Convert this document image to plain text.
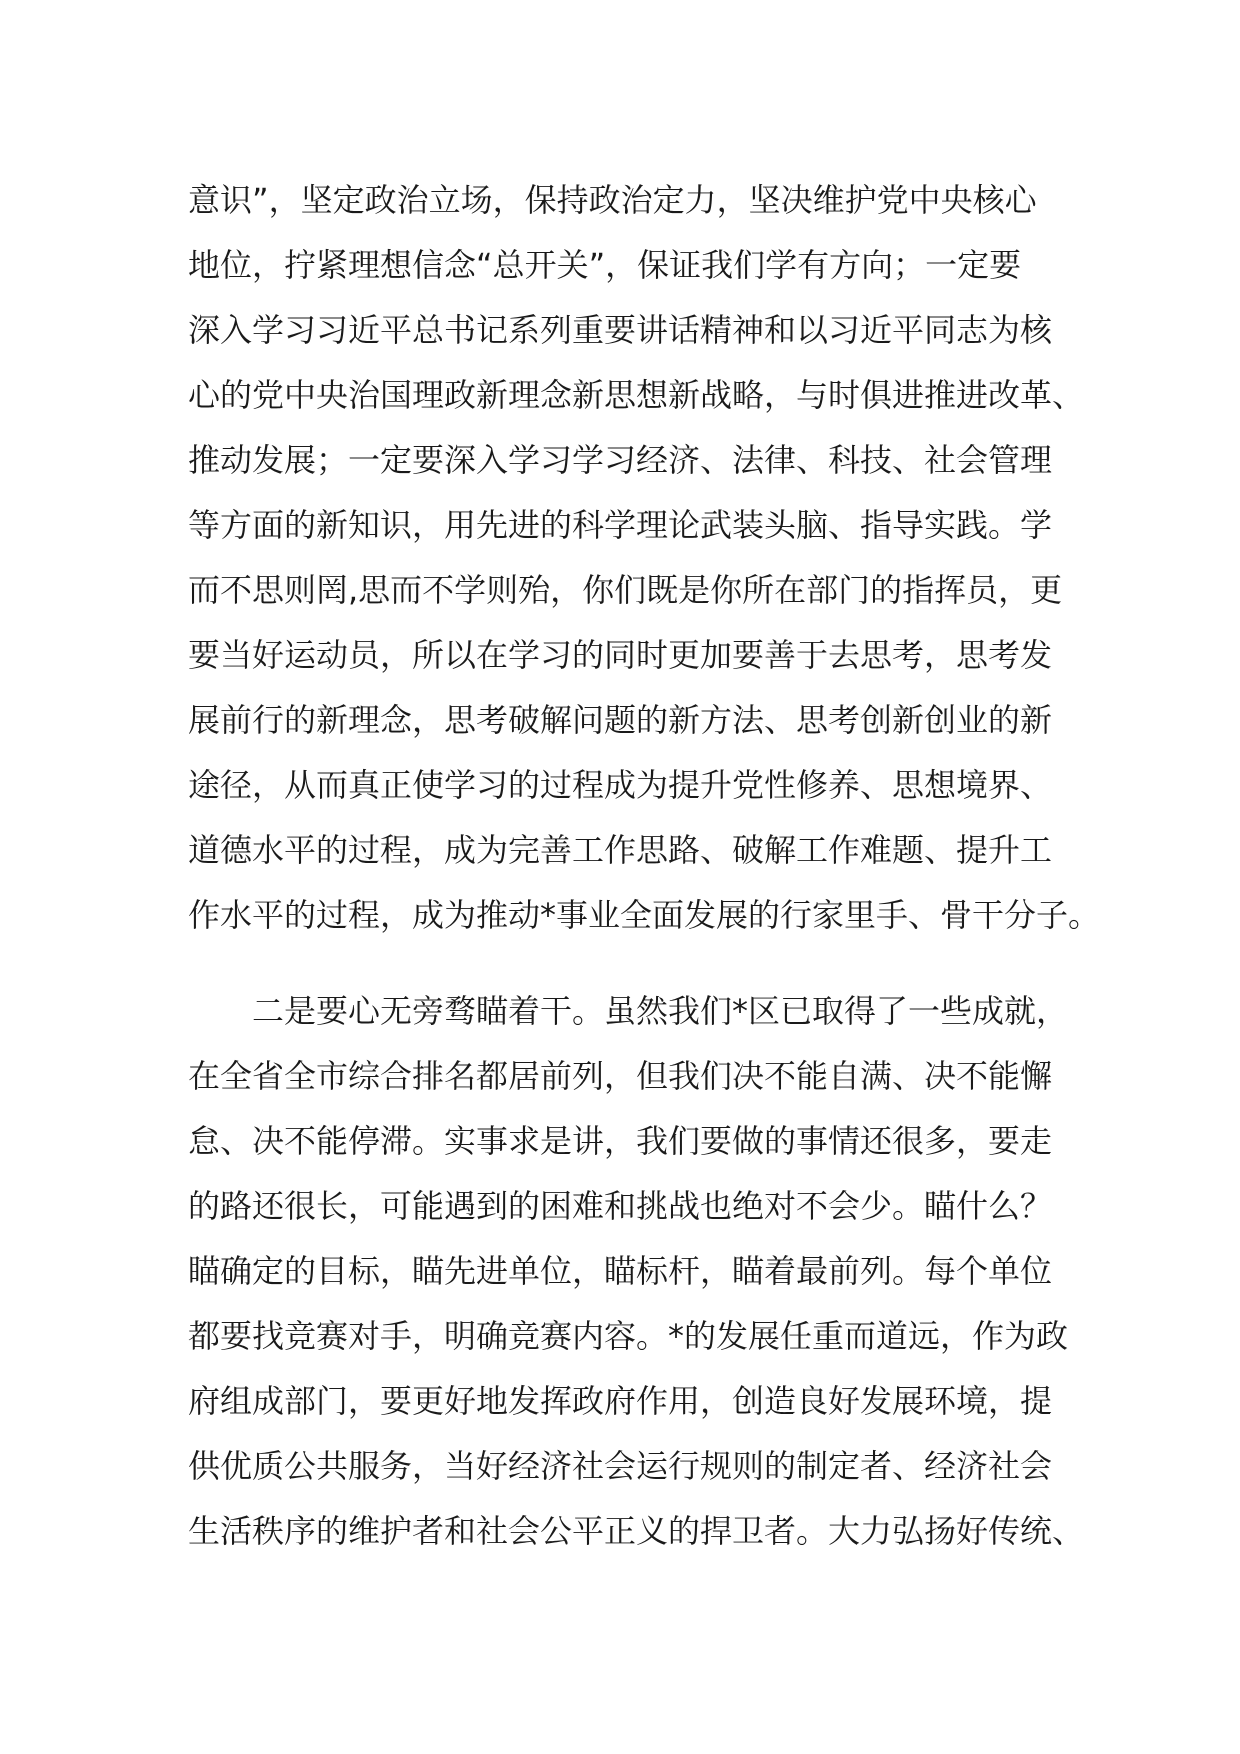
意识”，坚定政治立场，保持政治定力，坚决维护党中央核心
地位，拧紧理想信念“总开关”，保证我们学有方向；一定要
深入学习习近平总书记系列重要讲话精神和以习近平同志为核
心的党中央治国理政新理念新思想新战略，与时俱进推进改革、
推动发展；一定要深入学习学习经济、法律、科技、社会管理
等方面的新知识，用先进的科学理论武装头脑、指导实践。学
而不思则罔,思而不学则殆，你们既是你所在部门的指挥员，更
要当好运动员，所以在学习的同时更加要善于去思考，思考发
展前行的新理念，思考破解问题的新方法、思考创新创业的新
途径，从而真正使学习的过程成为提升党性修养、思想境界、
道德水平的过程，成为完善工作思路、破解工作难题、提升工
作水平的过程，成为推动*事业全面发展的行家里手、骨干分子。
二是要心无旁骛瞄着干。虽然我们*区已取得了一些成就，
在全省全市综合排名都居前列，但我们决不能自满、决不能懈
怠、决不能停滞。实事求是讲，我们要做的事情还很多，要走
的路还很长，可能遇到的困难和挑战也绝对不会少。瞄什么？
瞄确定的目标，瞄先进单位，瞄标杆，瞄着最前列。每个单位
都要找竞赛对手，明确竞赛内容。*的发展任重而道远，作为政
府组成部门，要更好地发挥政府作用，创造良好发展环境，提
供优质公共服务，当好经济社会运行规则的制定者、经济社会
生活秩序的维护者和社会公平正义的捍卫者。大力弘扬好传统、
